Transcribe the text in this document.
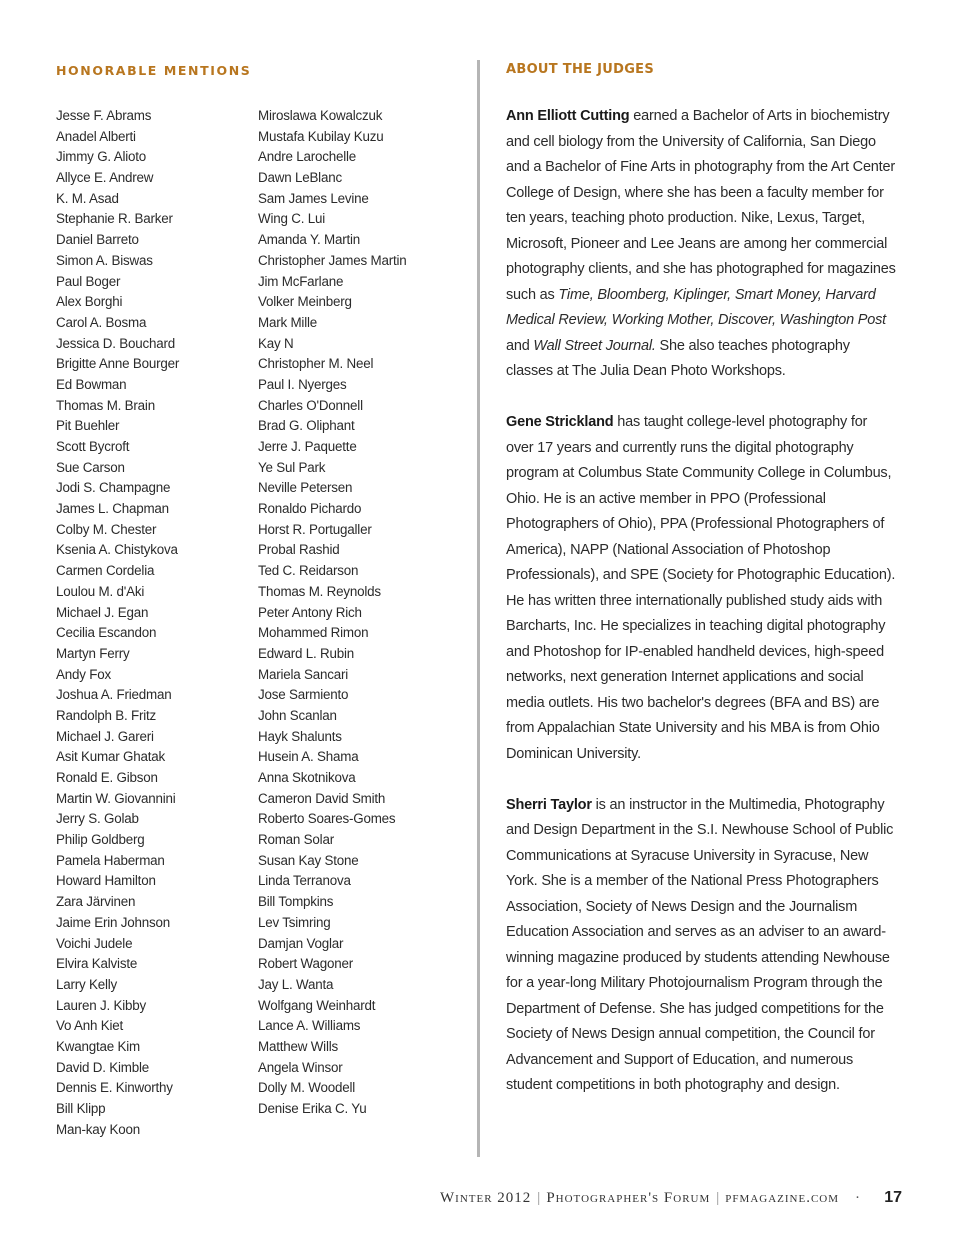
HONORABLE MENTIONS
Jesse F. Abrams
Anadel Alberti
Jimmy G. Alioto
Allyce E. Andrew
K. M. Asad
Stephanie R. Barker
Daniel Barreto
Simon A. Biswas
Paul Boger
Alex Borghi
Carol A. Bosma
Jessica D. Bouchard
Brigitte Anne Bourger
Ed Bowman
Thomas M. Brain
Pit Buehler
Scott Bycroft
Sue Carson
Jodi S. Champagne
James L. Chapman
Colby M. Chester
Ksenia A. Chistykova
Carmen Cordelia
Loulou M. d'Aki
Michael J. Egan
Cecilia Escandon
Martyn Ferry
Andy Fox
Joshua A. Friedman
Randolph B. Fritz
Michael J. Gareri
Asit Kumar Ghatak
Ronald E. Gibson
Martin W. Giovannini
Jerry S. Golab
Philip Goldberg
Pamela Haberman
Howard Hamilton
Zara Järvinen
Jaime Erin Johnson
Voichi Judele
Elvira Kalviste
Larry Kelly
Lauren J. Kibby
Vo Anh Kiet
Kwangtae Kim
David D. Kimble
Dennis E. Kinworthy
Bill Klipp
Man-kay Koon
Miroslawa Kowalczuk
Mustafa Kubilay Kuzu
Andre Larochelle
Dawn LeBlanc
Sam James Levine
Wing C. Lui
Amanda Y. Martin
Christopher James Martin
Jim McFarlane
Volker Meinberg
Mark Mille
Kay N
Christopher M. Neel
Paul I. Nyerges
Charles O'Donnell
Brad G. Oliphant
Jerre J. Paquette
Ye Sul Park
Neville Petersen
Ronaldo Pichardo
Horst R. Portugaller
Probal Rashid
Ted C. Reidarson
Thomas M. Reynolds
Peter Antony Rich
Mohammed Rimon
Edward L. Rubin
Mariela Sancari
Jose Sarmiento
John Scanlan
Hayk Shalunts
Husein A. Shama
Anna Skotnikova
Cameron David Smith
Roberto Soares-Gomes
Roman Solar
Susan Kay Stone
Linda Terranova
Bill Tompkins
Lev Tsimring
Damjan Voglar
Robert Wagoner
Jay L. Wanta
Wolfgang Weinhardt
Lance A. Williams
Matthew Wills
Angela Winsor
Dolly M. Woodell
Denise Erika C. Yu
ABOUT THE JUDGES

Ann Elliott Cutting earned a Bachelor of Arts in biochemistry and cell biology from the University of California, San Diego and a Bachelor of Fine Arts in photography from the Art Center College of Design, where she has been a faculty member for ten years, teaching photo production. Nike, Lexus, Target, Microsoft, Pioneer and Lee Jeans are among her commercial photography clients, and she has photographed for magazines such as Time, Bloomberg, Kiplinger, Smart Money, Harvard Medical Review, Working Mother, Discover, Washington Post and Wall Street Journal. She also teaches photography classes at The Julia Dean Photo Workshops.

Gene Strickland has taught college-level photography for over 17 years and currently runs the digital photography program at Columbus State Community College in Columbus, Ohio. He is an active member in PPO (Professional Photographers of Ohio), PPA (Professional Photographers of America), NAPP (National Association of Photoshop Professionals), and SPE (Society for Photographic Education). He has written three internationally published study aids with Barcharts, Inc. He specializes in teaching digital photography and Photoshop for IP-enabled handheld devices, high-speed networks, next generation Internet applications and social media outlets. His two bachelor's degrees (BFA and BS) are from Appalachian State University and his MBA is from Ohio Dominican University.

Sherri Taylor is an instructor in the Multimedia, Photography and Design Department in the S.I. Newhouse School of Public Communications at Syracuse University in Syracuse, New York. She is a member of the National Press Photographers Association, Society of News Design and the Journalism Education Association and serves as an adviser to an award-winning magazine produced by students attending Newhouse for a year-long Military Photojournalism Program through the Department of Defense. She has judged competitions for the Society of News Design annual competition, the Council for Advancement and Support of Education, and numerous student competitions in both photography and design.

Winter 2012 | Photographer's Forum | pfmagazine.com · 17
